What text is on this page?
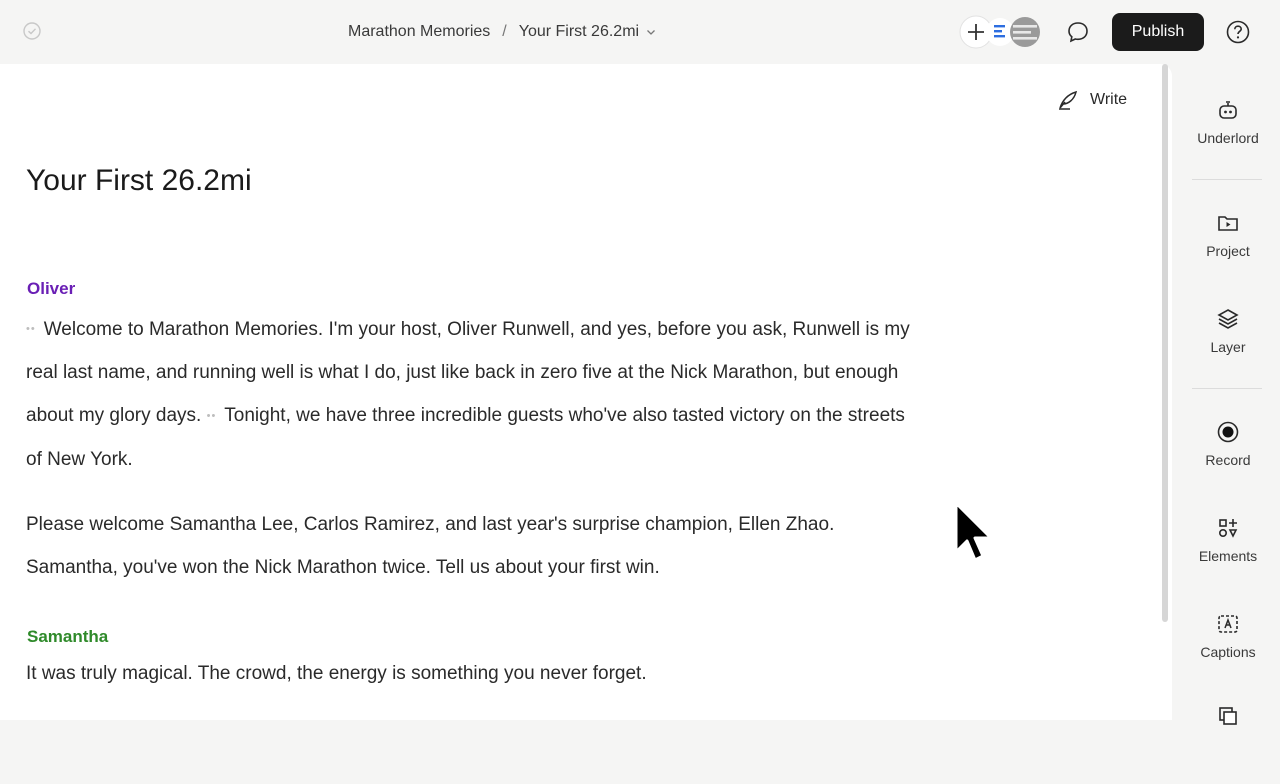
Marathon Memories / Your First 26.2mi	Publish
Write
Your First 26.2mi
Oliver

•• Welcome to Marathon Memories. I'm your host, Oliver Runwell, and yes, before you ask, Runwell is my real last name, and running well is what I do, just like back in zero five at the Nick Marathon, but enough about my glory days. •• Tonight, we have three incredible guests who've also tasted victory on the streets of New York.

Please welcome Samantha Lee, Carlos Ramirez, and last year's surprise champion, Ellen Zhao. Samantha, you've won the Nick Marathon twice. Tell us about your first win.

Samantha

It was truly magical. The crowd, the energy is something you never forget.

Underlord
Project
Layer
Record
Elements
Captions
